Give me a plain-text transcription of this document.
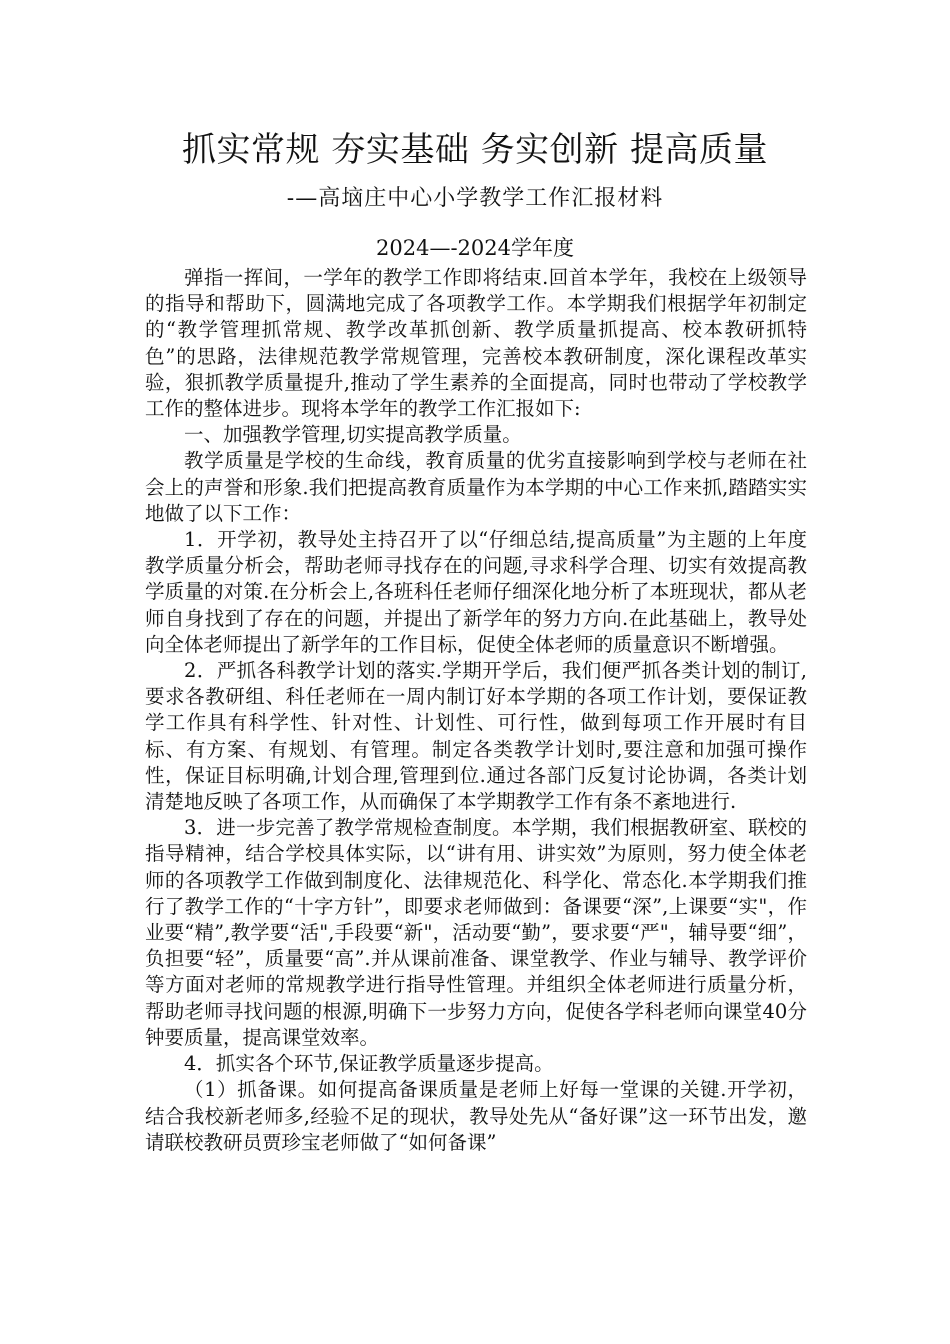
抓实常规 夯实基础 务实创新 提高质量
-—高垴庄中心小学教学工作汇报材料
2024—-2024学年度

弹指一挥间，一学年的教学工作即将结束.回首本学年，我校在上级领导的指导和帮助下，圆满地完成了各项教学工作。本学期我们根据学年初制定的“教学管理抓常规、教学改革抓创新、教学质量抓提高、校本教研抓特色”的思路，法律规范教学常规管理，完善校本教研制度，深化课程改革实验，狠抓教学质量提升,推动了学生素养的全面提高，同时也带动了学校教学工作的整体进步。现将本学年的教学工作汇报如下:

一、加强教学管理,切实提高教学质量。

教学质量是学校的生命线，教育质量的优劣直接影响到学校与老师在社会上的声誉和形象.我们把提高教育质量作为本学期的中心工作来抓,踏踏实实地做了以下工作：

1．开学初，教导处主持召开了以“仔细总结,提高质量”为主题的上年度教学质量分析会，帮助老师寻找存在的问题,寻求科学合理、切实有效提高教学质量的对策.在分析会上,各班科任老师仔细深化地分析了本班现状，都从老师自身找到了存在的问题，并提出了新学年的努力方向.在此基础上，教导处向全体老师提出了新学年的工作目标，促使全体老师的质量意识不断增强。

2．严抓各科教学计划的落实.学期开学后，我们便严抓各类计划的制订,要求各教研组、科任老师在一周内制订好本学期的各项工作计划，要保证教学工作具有科学性、针对性、计划性、可行性，做到每项工作开展时有目标、有方案、有规划、有管理。制定各类教学计划时,要注意和加强可操作性，保证目标明确,计划合理,管理到位.通过各部门反复讨论协调，各类计划清楚地反映了各项工作，从而确保了本学期教学工作有条不紊地进行.

3．进一步完善了教学常规检查制度。本学期，我们根据教研室、联校的指导精神，结合学校具体实际，以“讲有用、讲实效”为原则，努力使全体老师的各项教学工作做到制度化、法律规范化、科学化、常态化.本学期我们推行了教学工作的“十字方针”，即要求老师做到：备课要“深”,上课要“实"，作业要“精”,教学要“活",手段要“新"，活动要“勤”，要求要“严"，辅导要“细”，负担要“轻”，质量要“高”.并从课前准备、课堂教学、作业与辅导、教学评价等方面对老师的常规教学进行指导性管理。并组织全体老师进行质量分析，帮助老师寻找问题的根源,明确下一步努力方向，促使各学科老师向课堂40分钟要质量，提高课堂效率。

4．抓实各个环节,保证教学质量逐步提高。

（1）抓备课。如何提高备课质量是老师上好每一堂课的关键.开学初，结合我校新老师多,经验不足的现状，教导处先从“备好课”这一环节出发，邀请联校教研员贾珍宝老师做了“如何备课”
